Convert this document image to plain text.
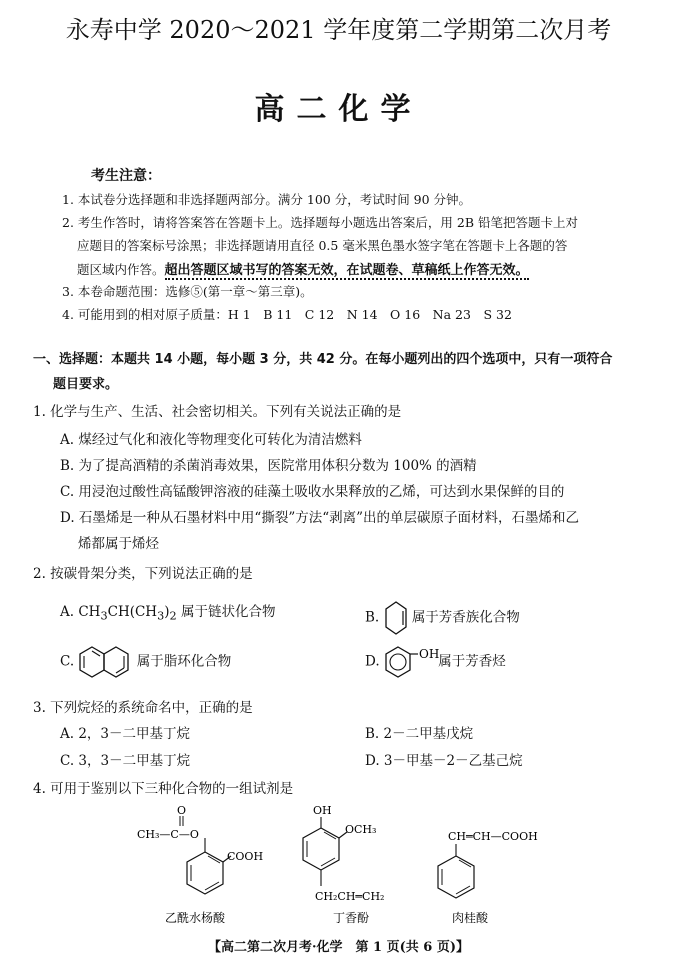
永寿中学 2020～2021 学年度第二学期第二次月考
高二化学
考生注意：
1. 本试卷分选择题和非选择题两部分。满分 100 分，考试时间 90 分钟。
2. 考生作答时，请将答案答在答题卡上。选择题每小题选出答案后，用 2B 铅笔把答题卡上对
应题目的答案标号涂黑；非选择题请用直径 0.5 毫米黑色墨水签字笔在答题卡上各题的答
题区域内作答。超出答题区域书写的答案无效，在试题卷、草稿纸上作答无效。
3. 本卷命题范围：选修⑤(第一章～第三章)。
4. 可能用到的相对原子质量：H 1　B 11　C 12　N 14　O 16　Na 23　S 32
一、选择题：本题共 14 小题，每小题 3 分，共 42 分。在每小题列出的四个选项中，只有一项符合
题目要求。
1. 化学与生产、生活、社会密切相关。下列有关说法正确的是
A. 煤经过气化和液化等物理变化可转化为清洁燃料
B. 为了提高酒精的杀菌消毒效果，医院常用体积分数为 100% 的酒精
C. 用浸泡过酸性高锰酸钾溶液的硅藻土吸收水果释放的乙烯，可达到水果保鲜的目的
D. 石墨烯是一种从石墨材料中用“撕裂”方法“剥离”出的单层碳原子面材料，石墨烯和乙
烯都属于烯烃
2. 按碳骨架分类，下列说法正确的是
A. $CH_3CH(CH_3)_2$ 属于链状化合物	B. 属于芳香族化合物
C.	属于脂环化合物	D.	OH
属于芳香烃
3. 下列烷烃的系统命名中，正确的是
A. 2，3－二甲基丁烷	B. 2－二甲基戊烷
C. 3，3－二甲基丁烷	D. 3－甲基－2－乙基己烷
4. 可用于鉴别以下三种化合物的一组试剂是
O
CH₃—C—O
COOH
乙酰水杨酸
OH
OCH₃
CH₂CH═CH₂
丁香酚
CH═CH—COOH
肉桂酸
【高二第二次月考·化学　第 1 页(共 6 页)】
